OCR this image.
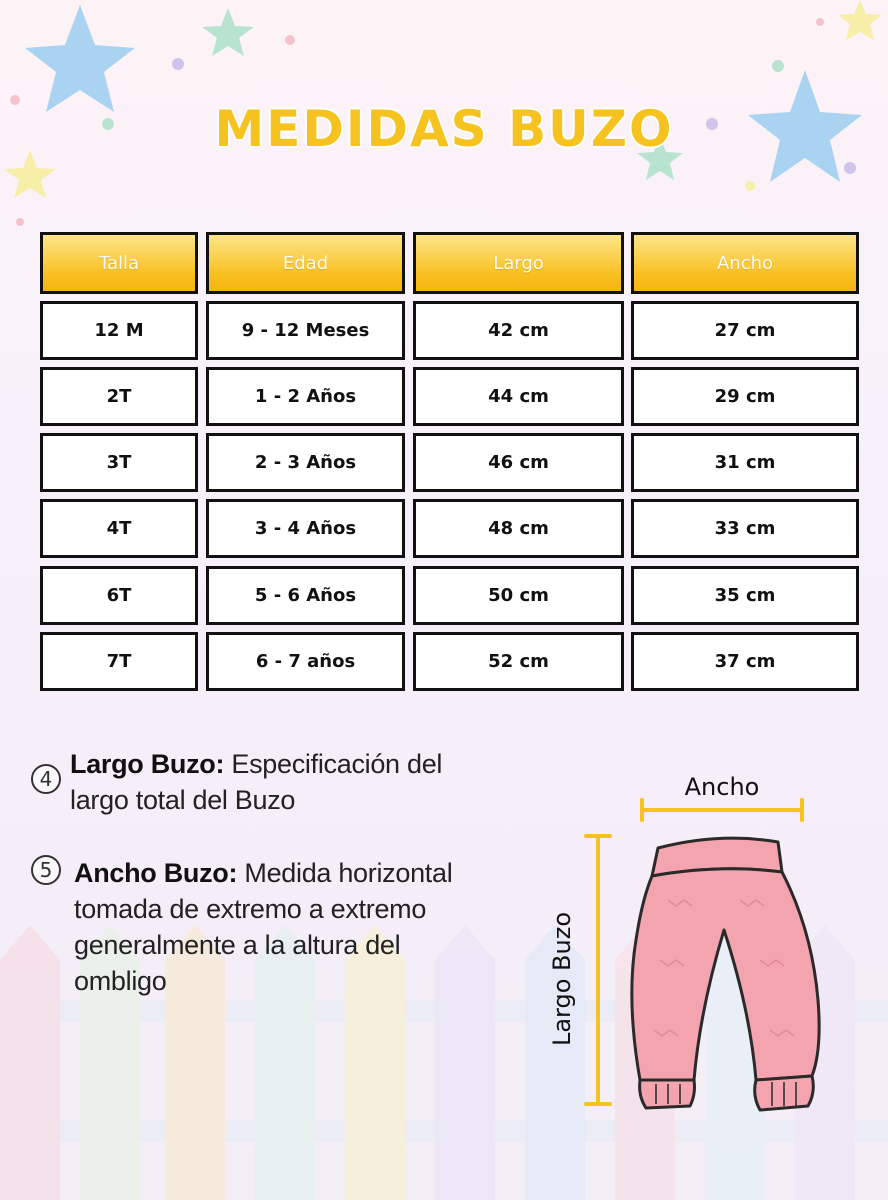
MEDIDAS BUZO
Talla	Edad	Largo	Ancho
12 M	9 - 12 Meses	42 cm	27 cm
2T	1 - 2 Años	44 cm	29 cm
3T	2 - 3 Años	46 cm	31 cm
4T	3 - 4 Años	48 cm	33 cm
6T	5 - 6 Años	50 cm	35 cm
7T	6 - 7 años	52 cm	37 cm
4 Largo Buzo: Especificación del
largo total del Buzo
5 Ancho Buzo: Medida horizontal
tomada de extremo a extremo
generalmente a la altura del
ombligo
Ancho
Largo Buzo
